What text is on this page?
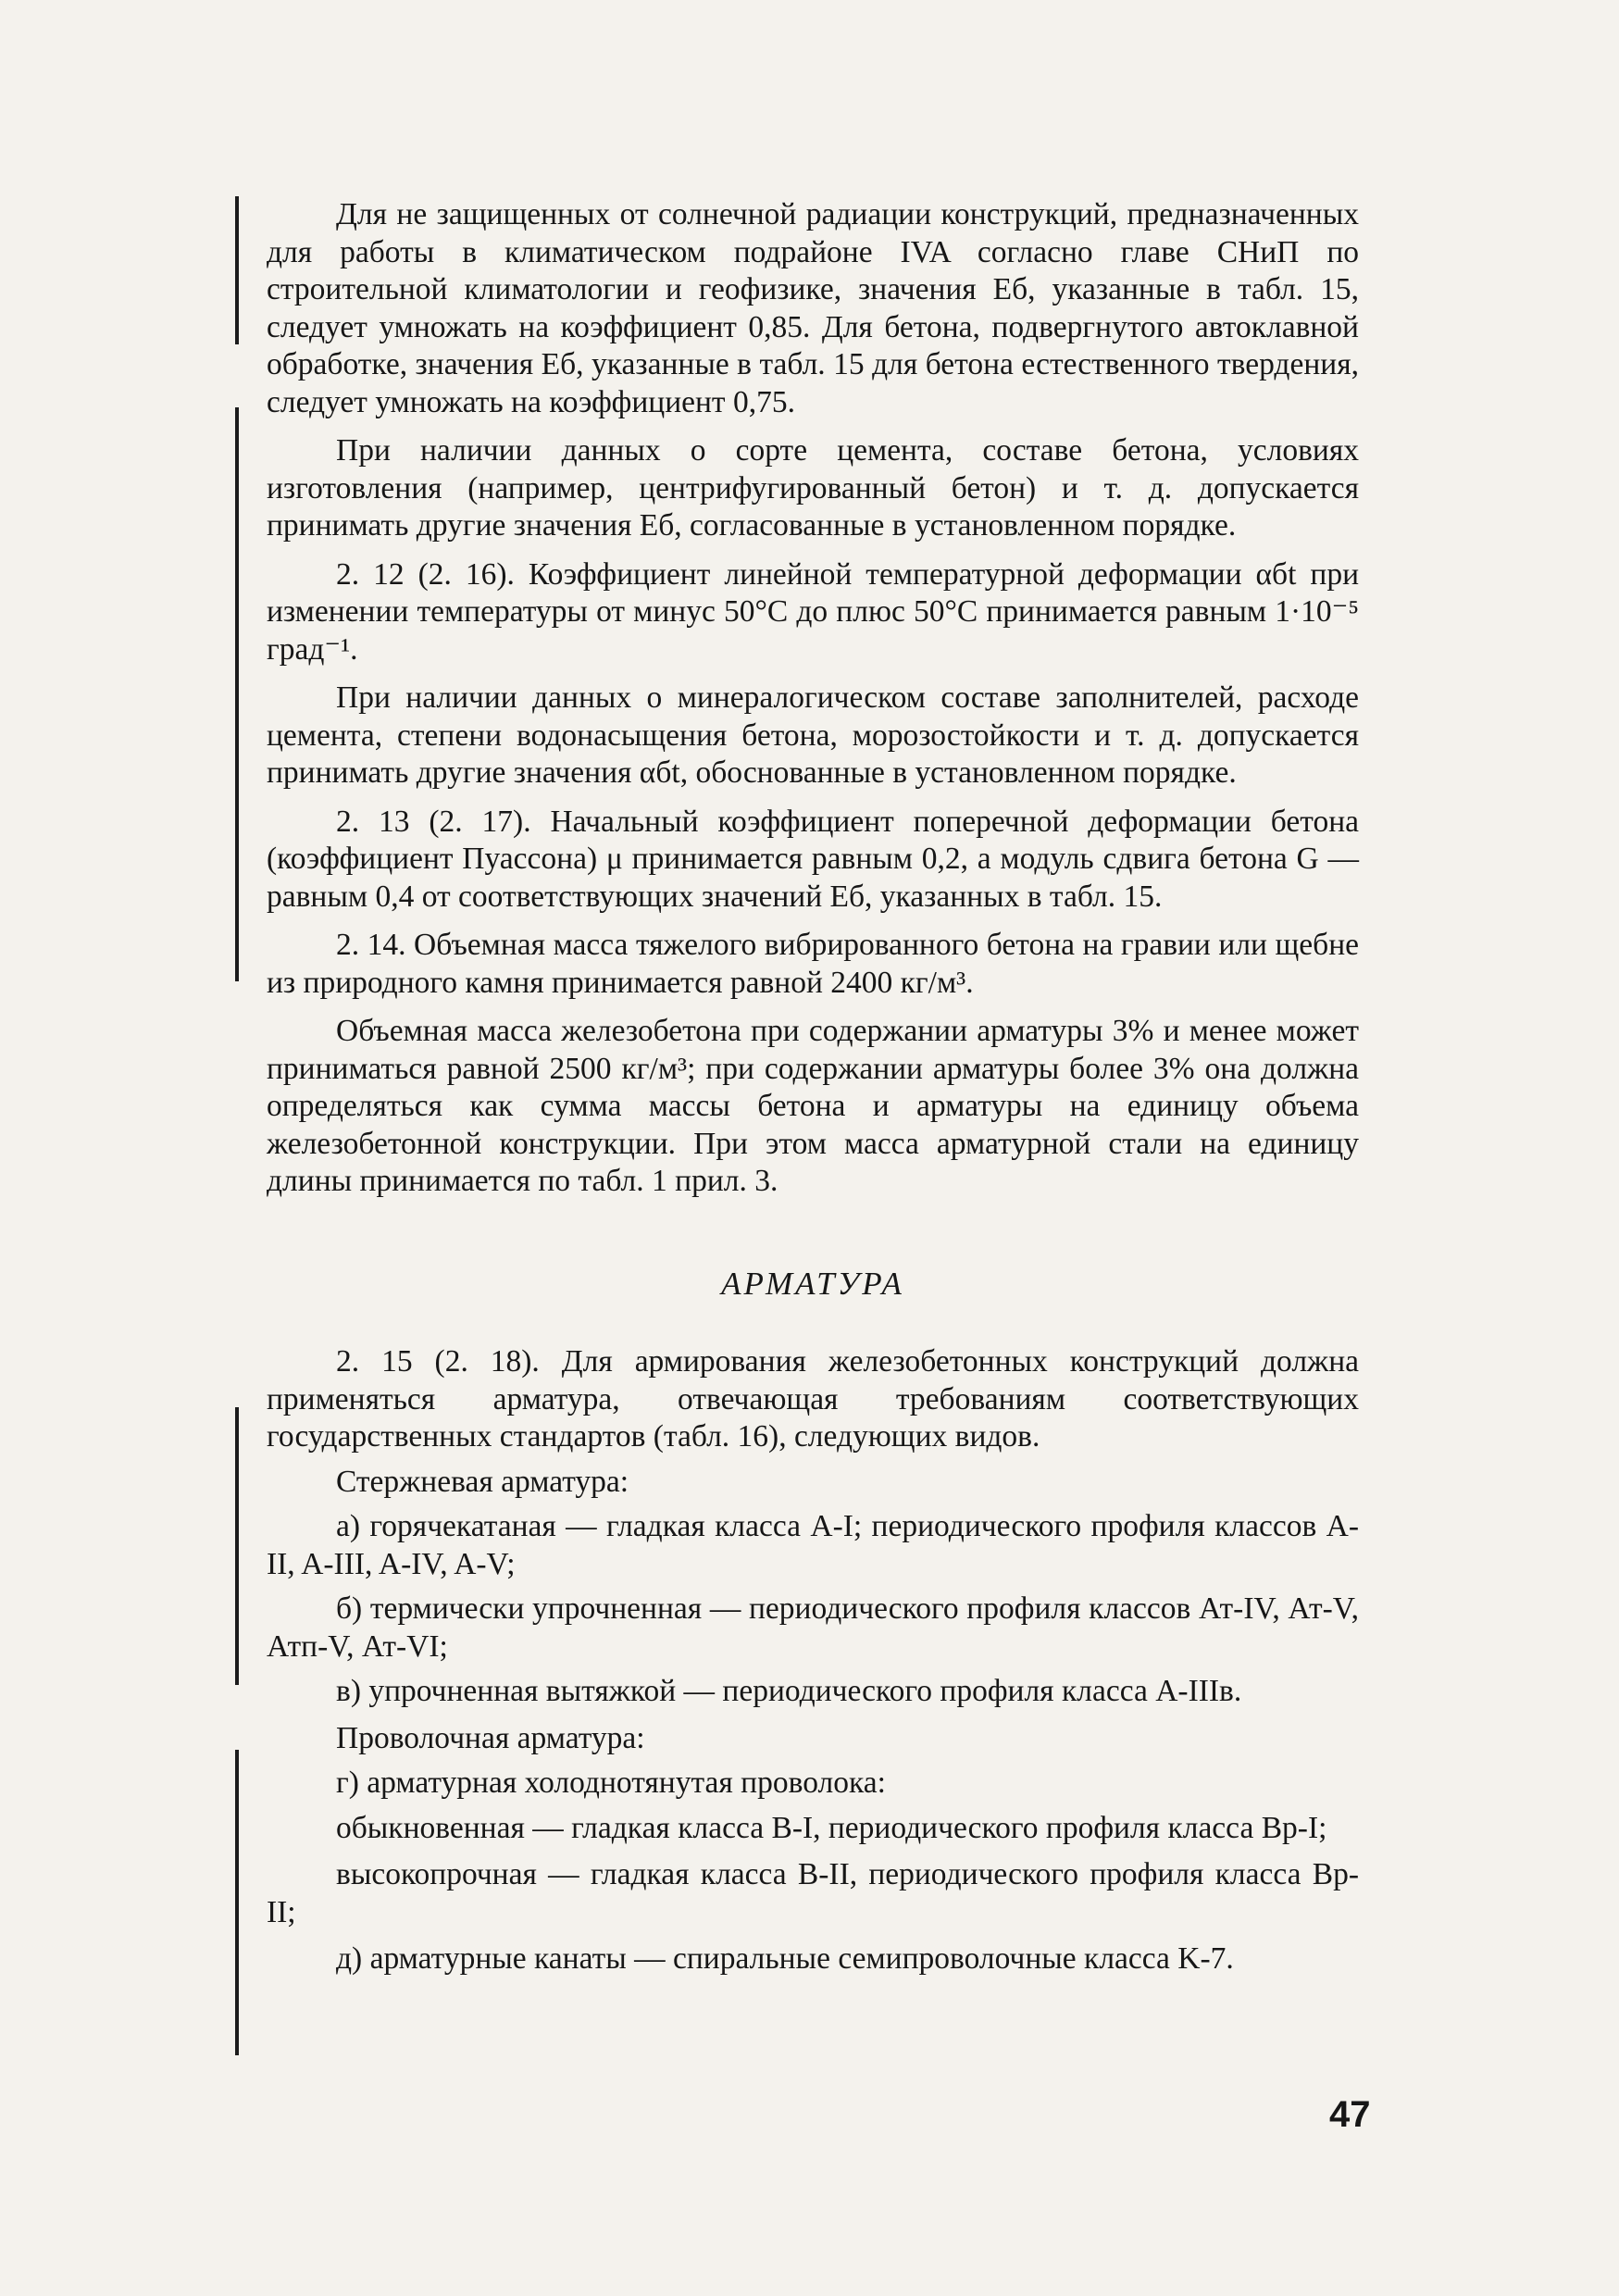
Для не защищенных от солнечной радиации конструкций, предназначенных для работы в климатическом подрайоне IVA согласно главе СНиП по строительной климатологии и геофизике, значения Eб, указанные в табл. 15, следует умножать на коэффициент 0,85. Для бетона, подвергнутого автоклавной обработке, значения Eб, указанные в табл. 15 для бетона естественного твердения, следует умножать на коэффициент 0,75.

При наличии данных о сорте цемента, составе бетона, условиях изготовления (например, центрифугированный бетон) и т. д. допускается принимать другие значения Eб, согласованные в установленном порядке.

2. 12 (2. 16). Коэффициент линейной температурной деформации αбt при изменении температуры от минус 50°С до плюс 50°С принимается равным 1·10⁻⁵ град⁻¹.

При наличии данных о минералогическом составе заполнителей, расходе цемента, степени водонасыщения бетона, морозостойкости и т. д. допускается принимать другие значения αбt, обоснованные в установленном порядке.

2. 13 (2. 17). Начальный коэффициент поперечной деформации бетона (коэффициент Пуассона) μ принимается равным 0,2, а модуль сдвига бетона G — равным 0,4 от соответствующих значений Eб, указанных в табл. 15.

2. 14. Объемная масса тяжелого вибрированного бетона на гравии или щебне из природного камня принимается равной 2400 кг/м³.

Объемная масса железобетона при содержании арматуры 3% и менее может приниматься равной 2500 кг/м³; при содержании арматуры более 3% она должна определяться как сумма массы бетона и арматуры на единицу объема железобетонной конструкции. При этом масса арматурной стали на единицу длины принимается по табл. 1 прил. 3.

АРМАТУРА

2. 15 (2. 18). Для армирования железобетонных конструкций должна применяться арматура, отвечающая требованиям соответствующих государственных стандартов (табл. 16), следующих видов.

Стержневая арматура:

а) горячекатаная — гладкая класса A-I; периодического профиля классов A-II, A-III, A-IV, A-V;

б) термически упрочненная — периодического профиля классов Ат-IV, Ат-V, Атп-V, Ат-VI;

в) упрочненная вытяжкой — периодического профиля класса A-IIIв.

Проволочная арматура:

г) арматурная холоднотянутая проволока:

обыкновенная — гладкая класса B-I, периодического профиля класса Bp-I;

высокопрочная — гладкая класса B-II, периодического профиля класса Bp-II;

д) арматурные канаты — спиральные семипроволочные класса K-7.

47
